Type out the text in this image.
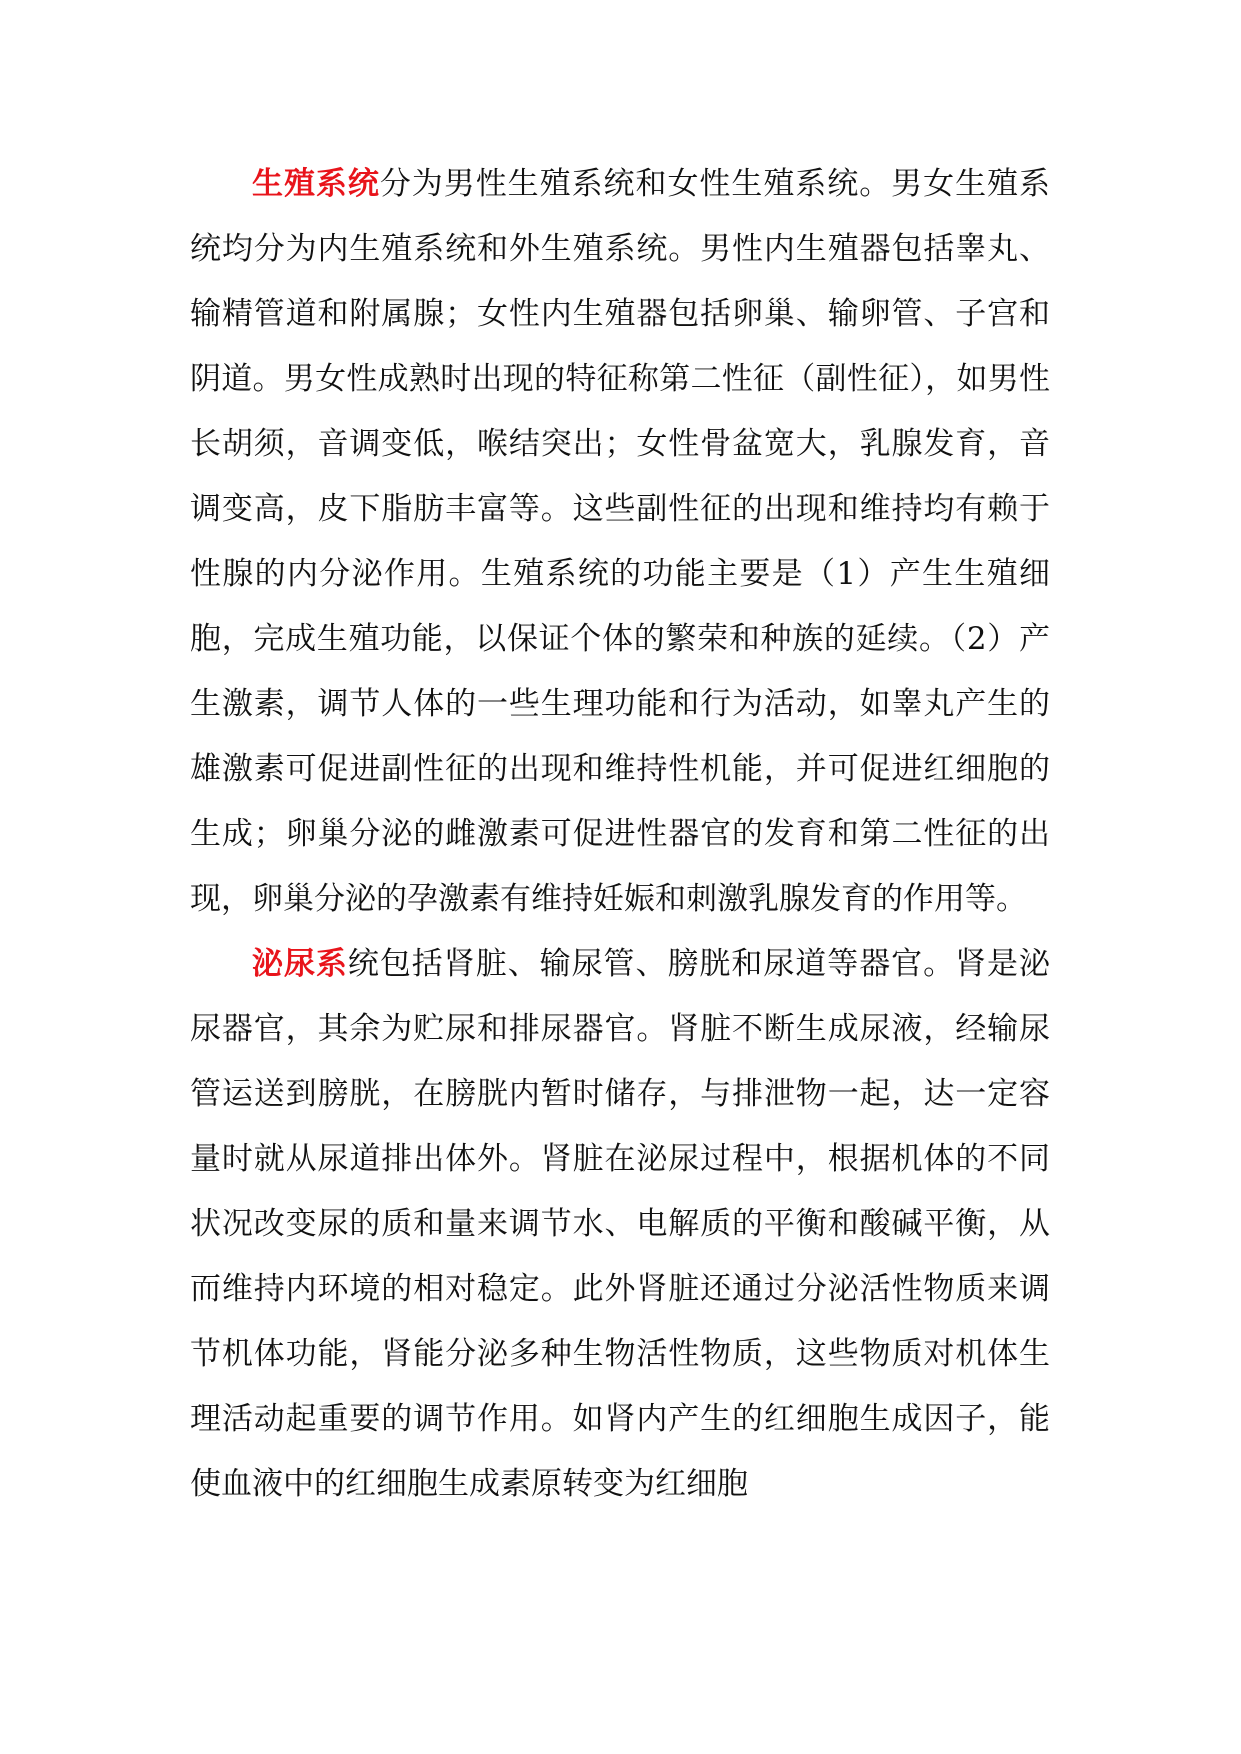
生殖系统分为男性生殖系统和女性生殖系统。男女生殖系统均分为内生殖系统和外生殖系统。男性内生殖器包括睾丸、输精管道和附属腺；女性内生殖器包括卵巢、输卵管、子宫和阴道。男女性成熟时出现的特征称第二性征（副性征），如男性长胡须，音调变低，喉结突出；女性骨盆宽大，乳腺发育，音调变高，皮下脂肪丰富等。这些副性征的出现和维持均有赖于性腺的内分泌作用。生殖系统的功能主要是（1）产生生殖细胞，完成生殖功能，以保证个体的繁荣和种族的延续。（2）产生激素，调节人体的一些生理功能和行为活动，如睾丸产生的雄激素可促进副性征的出现和维持性机能，并可促进红细胞的生成；卵巢分泌的雌激素可促进性器官的发育和第二性征的出现，卵巢分泌的孕激素有维持妊娠和刺激乳腺发育的作用等。

泌尿系统包括肾脏、输尿管、膀胱和尿道等器官。肾是泌尿器官，其余为贮尿和排尿器官。肾脏不断生成尿液，经输尿管运送到膀胱，在膀胱内暂时储存，与排泄物一起，达一定容量时就从尿道排出体外。肾脏在泌尿过程中，根据机体的不同状况改变尿的质和量来调节水、电解质的平衡和酸碱平衡，从而维持内环境的相对稳定。此外肾脏还通过分泌活性物质来调节机体功能，肾能分泌多种生物活性物质，这些物质对机体生理活动起重要的调节作用。如肾内产生的红细胞生成因子，能使血液中的红细胞生成素原转变为红细胞
